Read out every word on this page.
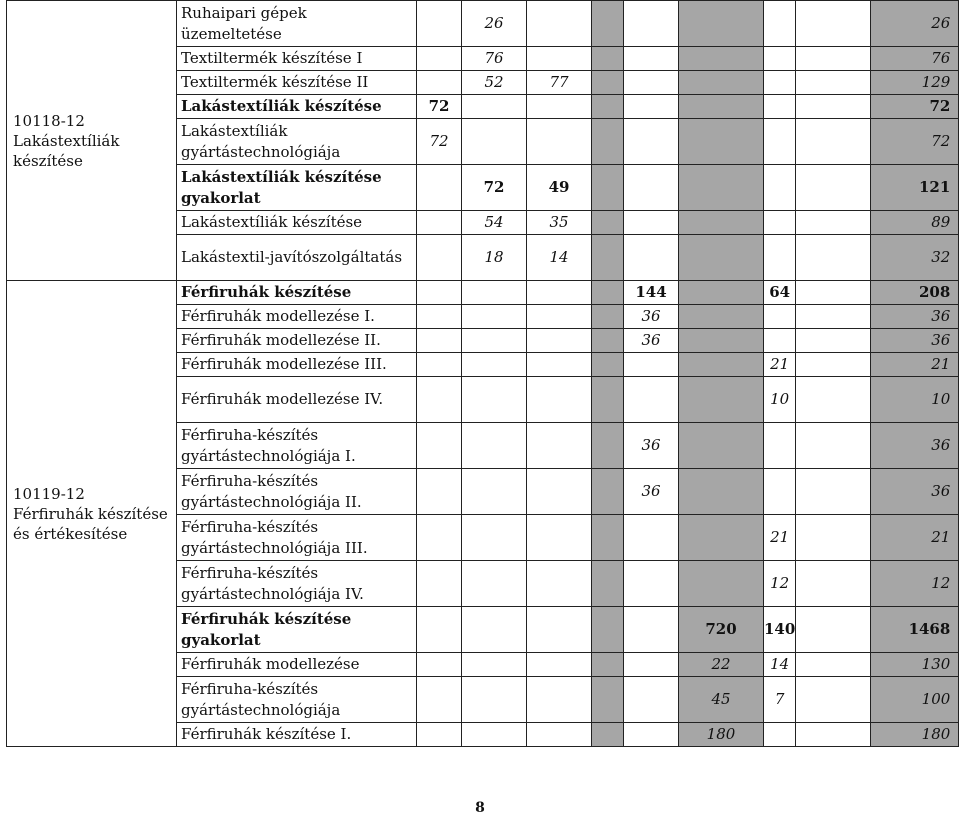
10118-12
Lakástextíliák készítése	Ruhaipari gépek üzemeltetése		26							26
	Textiltermék készítése I		76							76
	Textiltermék készítése II		52	77						129
	Lakástextíliák készítése	72								72
	Lakástextíliák gyártástechnológiája	72								72
	Lakástextíliák készítése gyakorlat		72	49						121
	Lakástextíliák készítése		54	35						89
	Lakástextil-javítószolgáltatás		18	14						32

10119-12
Férfiruhák készítése és értékesítése	Férfiruhák készítése					144		64		208
	Férfiruhák modellezése I.					36				36
	Férfiruhák modellezése II.					36				36
	Férfiruhák modellezése III.							21		21
	Férfiruhák modellezése IV.							10		10
	Férfiruha-készítés gyártástechnológiája I.					36				36
	Férfiruha-készítés gyártástechnológiája II.					36				36
	Férfiruha-készítés gyártástechnológiája III.							21		21
	Férfiruha-készítés gyártástechnológiája IV.							12		12
	Férfiruhák készítése gyakorlat						720	140		1468
	Férfiruhák modellezése						22	14		130
	Férfiruha-készítés gyártástechnológiája						45	7		100
	Férfiruhák készítése I.						180			180
8
